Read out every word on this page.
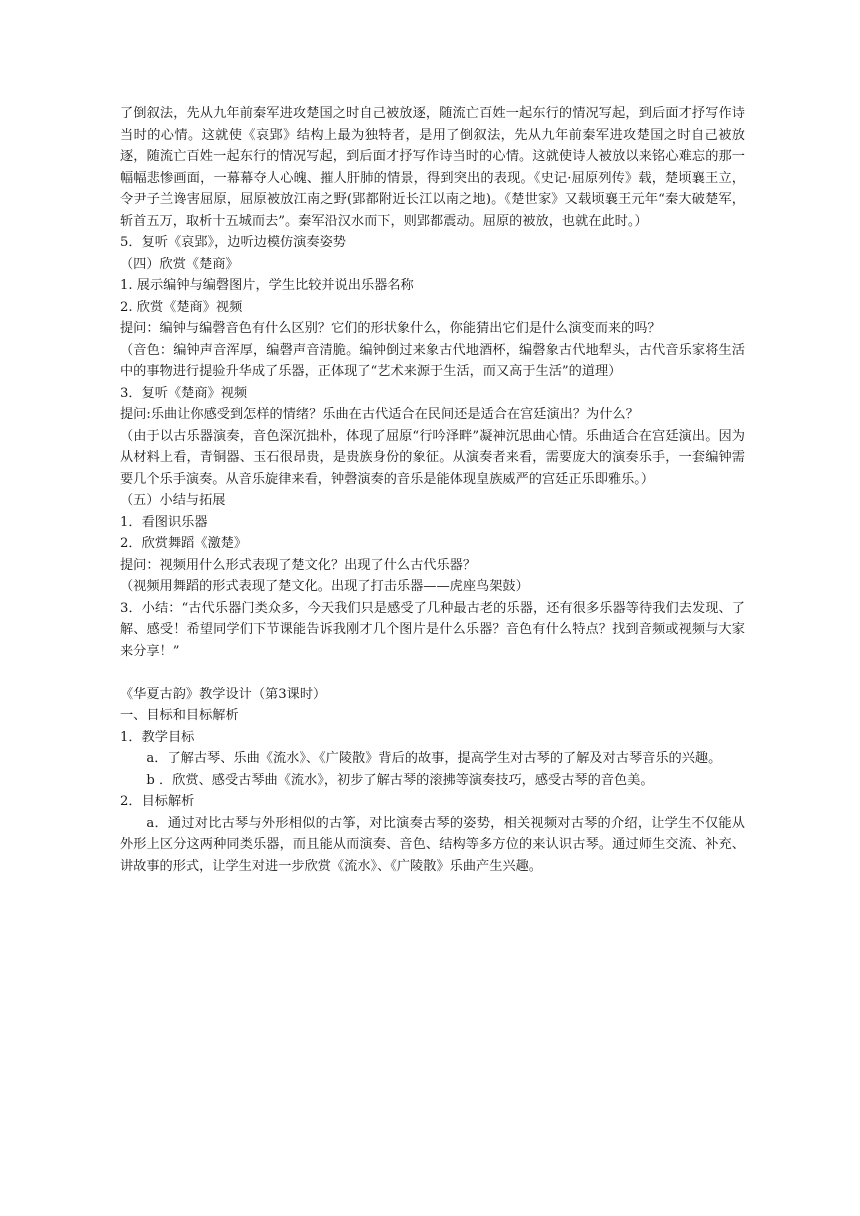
了倒叙法，先从九年前秦军进攻楚国之时自己被放逐，随流亡百姓一起东行的情况写起，到后面才抒写作诗当时的心情。这就使《哀郢》结构上最为独特者，是用了倒叙法，先从九年前秦军进攻楚国之时自己被放逐，随流亡百姓一起东行的情况写起，到后面才抒写作诗当时的心情。这就使诗人被放以来铭心难忘的那一幅幅悲惨画面，一幕幕夺人心魄、摧人肝肺的情景，得到突出的表现。《史记·屈原列传》载，楚顷襄王立，令尹子兰谗害屈原，屈原被放江南之野(郢都附近长江以南之地)。《楚世家》又载顷襄王元年“秦大破楚军，斩首五万，取析十五城而去”。秦军沿汉水而下，则郢都震动。屈原的被放，也就在此时。）

5．复听《哀郢》，边听边模仿演奏姿势

（四）欣赏《楚商》

1. 展示编钟与编磬图片，学生比较并说出乐器名称

2. 欣赏《楚商》视频

提问：编钟与编磬音色有什么区别？它们的形状象什么，你能猜出它们是什么演变而来的吗？

（音色：编钟声音浑厚，编磬声音清脆。编钟倒过来象古代地酒杯，编磬象古代地犁头，古代音乐家将生活中的事物进行提验升华成了乐器，正体现了“艺术来源于生活，而又高于生活”的道理）

3．复听《楚商》视频

提问:乐曲让你感受到怎样的情绪？乐曲在古代适合在民间还是适合在宫廷演出？为什么？

（由于以古乐器演奏，音色深沉拙朴，体现了屈原“行吟泽畔”凝神沉思曲心情。乐曲适合在宫廷演出。因为从材料上看，青铜器、玉石很昂贵，是贵族身份的象征。从演奏者来看，需要庞大的演奏乐手，一套编钟需要几个乐手演奏。从音乐旋律来看，钟磬演奏的音乐是能体现皇族威严的宫廷正乐即雅乐。）

（五）小结与拓展

1．看图识乐器

2．欣赏舞蹈《激楚》

提问：视频用什么形式表现了楚文化？出现了什么古代乐器？

（视频用舞蹈的形式表现了楚文化。出现了打击乐器——虎座鸟架鼓）

3．小结：“古代乐器门类众多，今天我们只是感受了几种最古老的乐器，还有很多乐器等待我们去发现、了解、感受！希望同学们下节课能告诉我刚才几个图片是什么乐器？音色有什么特点？找到音频或视频与大家来分享！”

《华夏古韵》教学设计（第3课时）

一、目标和目标解析

1．教学目标

a．了解古琴、乐曲《流水》、《广陵散》背后的故事，提高学生对古琴的了解及对古琴音乐的兴趣。

b ．欣赏、感受古琴曲《流水》，初步了解古琴的滚拂等演奏技巧，感受古琴的音色美。

2．目标解析

a．通过对比古琴与外形相似的古筝，对比演奏古琴的姿势，相关视频对古琴的介绍，让学生不仅能从外形上区分这两种同类乐器，而且能从而演奏、音色、结构等多方位的来认识古琴。通过师生交流、补充、讲故事的形式，让学生对进一步欣赏《流水》、《广陵散》乐曲产生兴趣。
